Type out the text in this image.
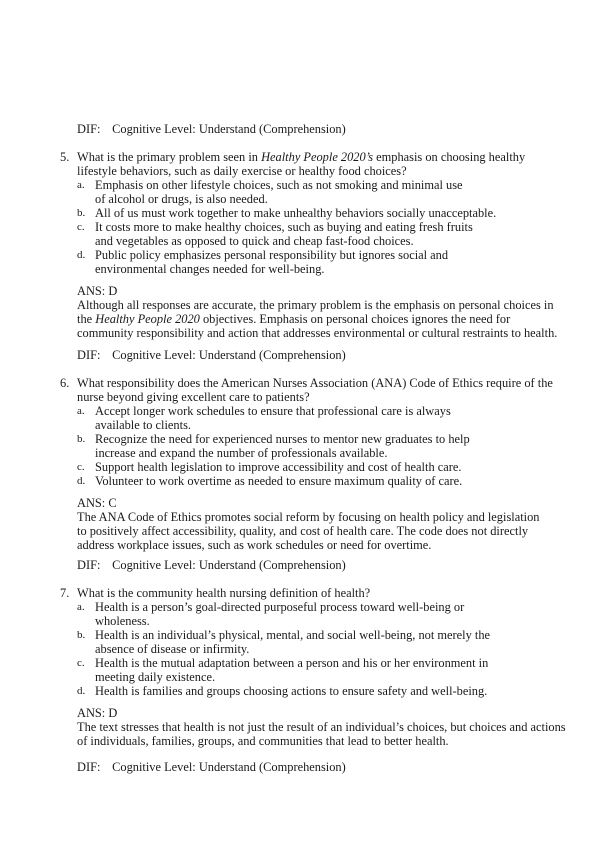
DIF: Cognitive Level: Understand (Comprehension)
5. What is the primary problem seen in Healthy People 2020’s emphasis on choosing healthy lifestyle behaviors, such as daily exercise or healthy food choices?
a. Emphasis on other lifestyle choices, such as not smoking and minimal use of alcohol or drugs, is also needed.
b. All of us must work together to make unhealthy behaviors socially unacceptable.
c. It costs more to make healthy choices, such as buying and eating fresh fruits and vegetables as opposed to quick and cheap fast-food choices.
d. Public policy emphasizes personal responsibility but ignores social and environmental changes needed for well-being.
ANS: D
Although all responses are accurate, the primary problem is the emphasis on personal choices in the Healthy People 2020 objectives. Emphasis on personal choices ignores the need for community responsibility and action that addresses environmental or cultural restraints to health.
DIF: Cognitive Level: Understand (Comprehension)
6. What responsibility does the American Nurses Association (ANA) Code of Ethics require of the nurse beyond giving excellent care to patients?
a. Accept longer work schedules to ensure that professional care is always available to clients.
b. Recognize the need for experienced nurses to mentor new graduates to help increase and expand the number of professionals available.
c. Support health legislation to improve accessibility and cost of health care.
d. Volunteer to work overtime as needed to ensure maximum quality of care.
ANS: C
The ANA Code of Ethics promotes social reform by focusing on health policy and legislation to positively affect accessibility, quality, and cost of health care. The code does not directly address workplace issues, such as work schedules or need for overtime.
DIF: Cognitive Level: Understand (Comprehension)
7. What is the community health nursing definition of health?
a. Health is a person’s goal-directed purposeful process toward well-being or wholeness.
b. Health is an individual’s physical, mental, and social well-being, not merely the absence of disease or infirmity.
c. Health is the mutual adaptation between a person and his or her environment in meeting daily existence.
d. Health is families and groups choosing actions to ensure safety and well-being.
ANS: D
The text stresses that health is not just the result of an individual’s choices, but choices and actions of individuals, families, groups, and communities that lead to better health.
DIF: Cognitive Level: Understand (Comprehension)
